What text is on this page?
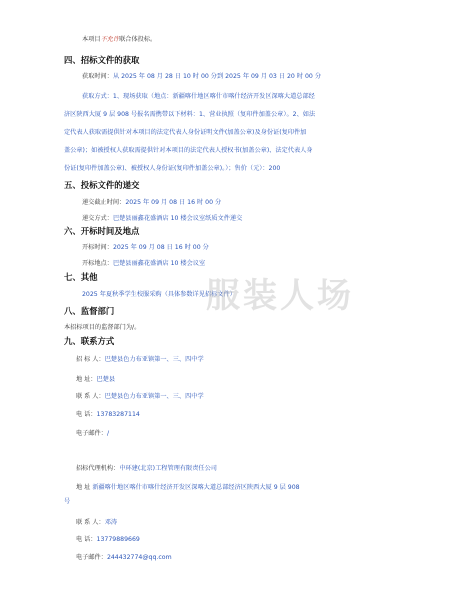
本项目不允许联合体投标。
四、招标文件的获取
获取时间：从 2025 年 08 月 28 日 10 时 00 分到 2025 年 09 月 03 日 20 时 00 分
获取方式：1、现场获取（地点：新疆喀什地区喀什市喀什经济开发区深喀大道总部经
济区陕西大厦 9 层 908 号报名需携带以下材料：1、营业执照（复印件加盖公章）。2、如法
定代表人获取需提供针对本项目的法定代表人身份证明文件(加盖公章)及身份证(复印件加
盖公章)；如被授权人获取需提供针对本项目的法定代表人授权书(加盖公章)、法定代表人身
份证(复印件加盖公章)、被授权人身份证(复印件加盖公章)。）；售价（元）：200
五、投标文件的递交
递交截止时间：2025 年 09 月 08 日 16 时 00 分
递交方式：巴楚县丽鑫花盛酒店 10 楼会议室纸质文件递交
六、开标时间及地点
开标时间：2025 年 09 月 08 日 16 时 00 分
开标地点：巴楚县丽鑫花盛酒店 10 楼会议室
七、其他
2025 年夏秋季学生校服采购（具体参数详见招标文件）
八、监督部门
本招标项目的监督部门为/。
九、联系方式
招 标 人：巴楚县色力布亚镇第一、三、四中学
地 址：巴楚县
联 系 人：巴楚县色力布亚镇第一、三、四中学
电 话：13783287114
电子邮件：/
招标代理机构：中环建(北京)工程管理有限责任公司
地 址 新疆喀什地区喀什市喀什经济开发区深喀大道总部经济区陕西大厦 9 层 908
号
联 系 人：邓涛
电 话：13779889669
电子邮件：244432774@qq.com
服装人场
